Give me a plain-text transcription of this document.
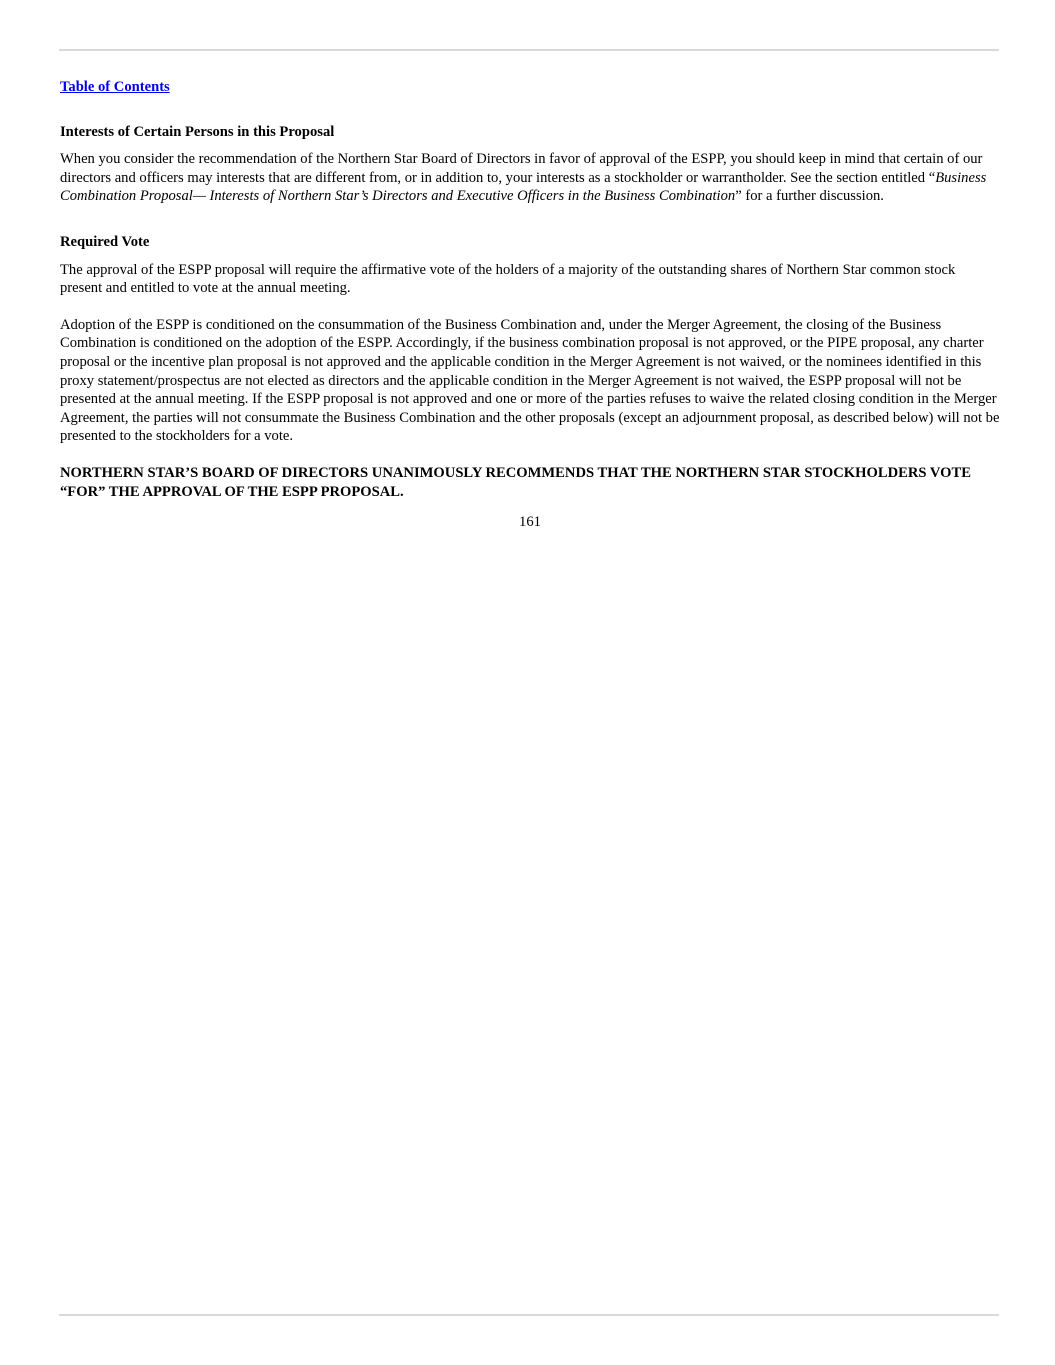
Table of Contents

Interests of Certain Persons in this Proposal

When you consider the recommendation of the Northern Star Board of Directors in favor of approval of the ESPP, you should keep in mind that certain of our directors and officers may interests that are different from, or in addition to, your interests as a stockholder or warrantholder. See the section entitled “Business Combination Proposal— Interests of Northern Star’s Directors and Executive Officers in the Business Combination” for a further discussion.

Required Vote

The approval of the ESPP proposal will require the affirmative vote of the holders of a majority of the outstanding shares of Northern Star common stock present and entitled to vote at the annual meeting.

Adoption of the ESPP is conditioned on the consummation of the Business Combination and, under the Merger Agreement, the closing of the Business Combination is conditioned on the adoption of the ESPP. Accordingly, if the business combination proposal is not approved, or the PIPE proposal, any charter proposal or the incentive plan proposal is not approved and the applicable condition in the Merger Agreement is not waived, or the nominees identified in this proxy statement/prospectus are not elected as directors and the applicable condition in the Merger Agreement is not waived, the ESPP proposal will not be presented at the annual meeting. If the ESPP proposal is not approved and one or more of the parties refuses to waive the related closing condition in the Merger Agreement, the parties will not consummate the Business Combination and the other proposals (except an adjournment proposal, as described below) will not be presented to the stockholders for a vote.

NORTHERN STAR’S BOARD OF DIRECTORS UNANIMOUSLY RECOMMENDS THAT THE NORTHERN STAR STOCKHOLDERS VOTE “FOR” THE APPROVAL OF THE ESPP PROPOSAL.

161
